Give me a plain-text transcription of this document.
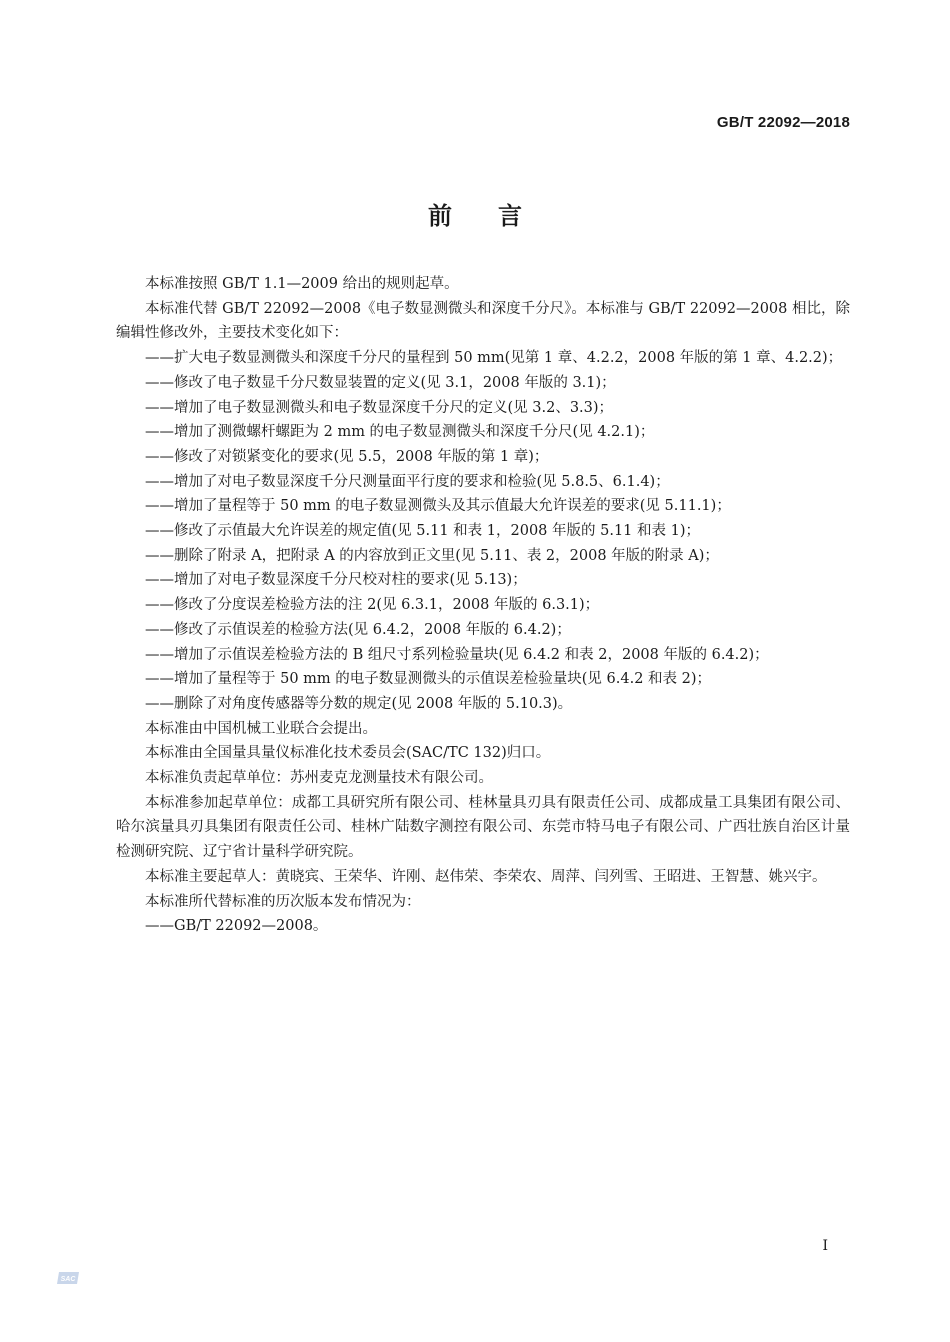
GB/T 22092—2018
前言
本标准按照 GB/T 1.1—2009 给出的规则起草。
本标准代替 GB/T 22092—2008《电子数显测微头和深度千分尺》。本标准与 GB/T 22092—2008 相比，除编辑性修改外，主要技术变化如下：
——扩大电子数显测微头和深度千分尺的量程到 50 mm(见第 1 章、4.2.2，2008 年版的第 1 章、4.2.2)；
——修改了电子数显千分尺数显装置的定义(见 3.1，2008 年版的 3.1)；
——增加了电子数显测微头和电子数显深度千分尺的定义(见 3.2、3.3)；
——增加了测微螺杆螺距为 2 mm 的电子数显测微头和深度千分尺(见 4.2.1)；
——修改了对锁紧变化的要求(见 5.5，2008 年版的第 1 章)；
——增加了对电子数显深度千分尺测量面平行度的要求和检验(见 5.8.5、6.1.4)；
——增加了量程等于 50 mm 的电子数显测微头及其示值最大允许误差的要求(见 5.11.1)；
——修改了示值最大允许误差的规定值(见 5.11 和表 1，2008 年版的 5.11 和表 1)；
——删除了附录 A，把附录 A 的内容放到正文里(见 5.11、表 2，2008 年版的附录 A)；
——增加了对电子数显深度千分尺校对柱的要求(见 5.13)；
——修改了分度误差检验方法的注 2(见 6.3.1，2008 年版的 6.3.1)；
——修改了示值误差的检验方法(见 6.4.2，2008 年版的 6.4.2)；
——增加了示值误差检验方法的 B 组尺寸系列检验量块(见 6.4.2 和表 2，2008 年版的 6.4.2)；
——增加了量程等于 50 mm 的电子数显测微头的示值误差检验量块(见 6.4.2 和表 2)；
——删除了对角度传感器等分数的规定(见 2008 年版的 5.10.3)。
本标准由中国机械工业联合会提出。
本标准由全国量具量仪标准化技术委员会(SAC/TC 132)归口。
本标准负责起草单位：苏州麦克龙测量技术有限公司。
本标准参加起草单位：成都工具研究所有限公司、桂林量具刃具有限责任公司、成都成量工具集团有限公司、哈尔滨量具刃具集团有限责任公司、桂林广陆数字测控有限公司、东莞市特马电子有限公司、广西壮族自治区计量检测研究院、辽宁省计量科学研究院。
本标准主要起草人：黄晓宾、王荣华、许刚、赵伟荣、李荣农、周萍、闫列雪、王昭进、王智慧、姚兴宇。
本标准所代替标准的历次版本发布情况为：
——GB/T 22092—2008。
I
SAC
